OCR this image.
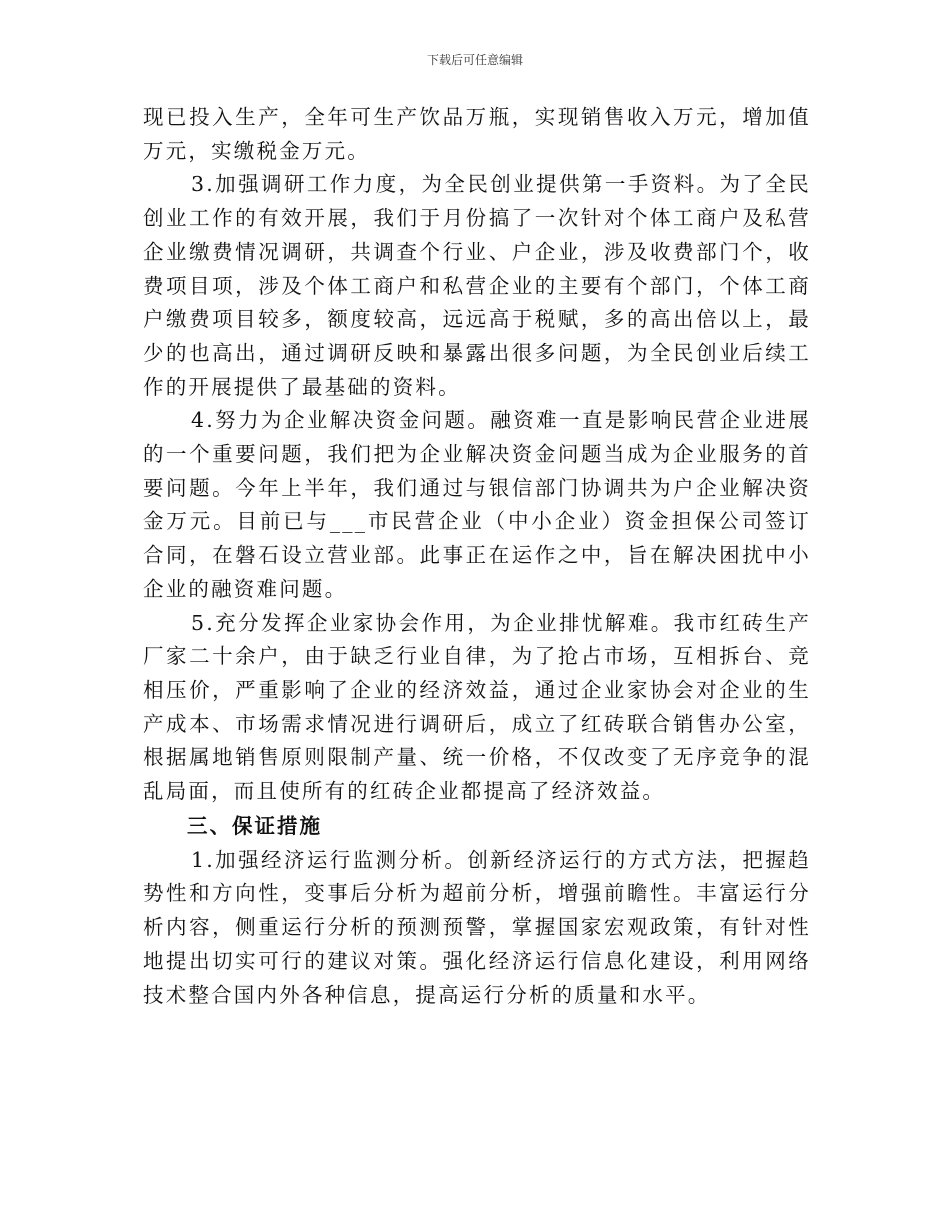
下载后可任意编辑

现已投入生产，全年可生产饮品万瓶，实现销售收入万元，增加值万元，实缴税金万元。

3.加强调研工作力度，为全民创业提供第一手资料。为了全民创业工作的有效开展，我们于月份搞了一次针对个体工商户及私营企业缴费情况调研，共调查个行业、户企业，涉及收费部门个，收费项目项，涉及个体工商户和私营企业的主要有个部门，个体工商户缴费项目较多，额度较高，远远高于税赋，多的高出倍以上，最少的也高出，通过调研反映和暴露出很多问题，为全民创业后续工作的开展提供了最基础的资料。

4.努力为企业解决资金问题。融资难一直是影响民营企业进展的一个重要问题，我们把为企业解决资金问题当成为企业服务的首要问题。今年上半年，我们通过与银信部门协调共为户企业解决资金万元。目前已与___市民营企业（中小企业）资金担保公司签订合同，在磐石设立营业部。此事正在运作之中，旨在解决困扰中小企业的融资难问题。

5.充分发挥企业家协会作用，为企业排忧解难。我市红砖生产厂家二十余户，由于缺乏行业自律，为了抢占市场，互相拆台、竞相压价，严重影响了企业的经济效益，通过企业家协会对企业的生产成本、市场需求情况进行调研后，成立了红砖联合销售办公室，根据属地销售原则限制产量、统一价格，不仅改变了无序竞争的混乱局面，而且使所有的红砖企业都提高了经济效益。

三、保证措施

1.加强经济运行监测分析。创新经济运行的方式方法，把握趋势性和方向性，变事后分析为超前分析，增强前瞻性。丰富运行分析内容，侧重运行分析的预测预警，掌握国家宏观政策，有针对性地提出切实可行的建议对策。强化经济运行信息化建设，利用网络技术整合国内外各种信息，提高运行分析的质量和水平。
